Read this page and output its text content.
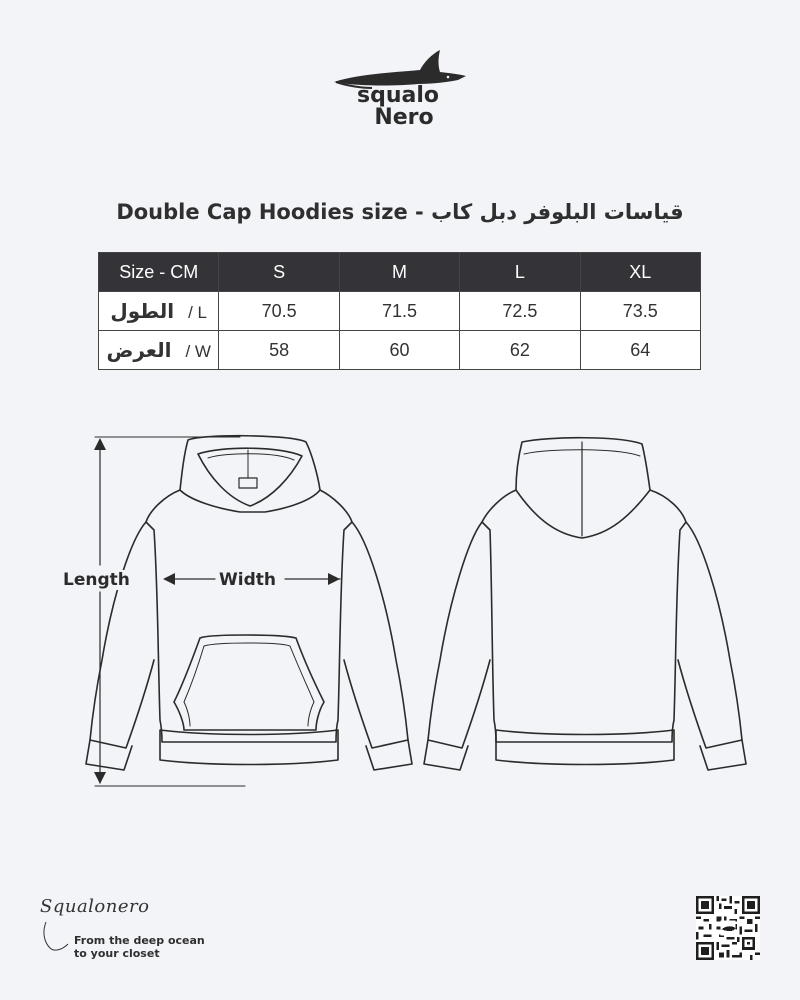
squalo
Nero
Double Cap Hoodies size - قياسات البلوفر دبل كاب
Size - CM	S	M	L	XL
الطول / L	70.5	71.5	72.5	73.5
العرض / W	58	60	62	64
Length	Width
Squalonero
From the deep ocean
to your closet
